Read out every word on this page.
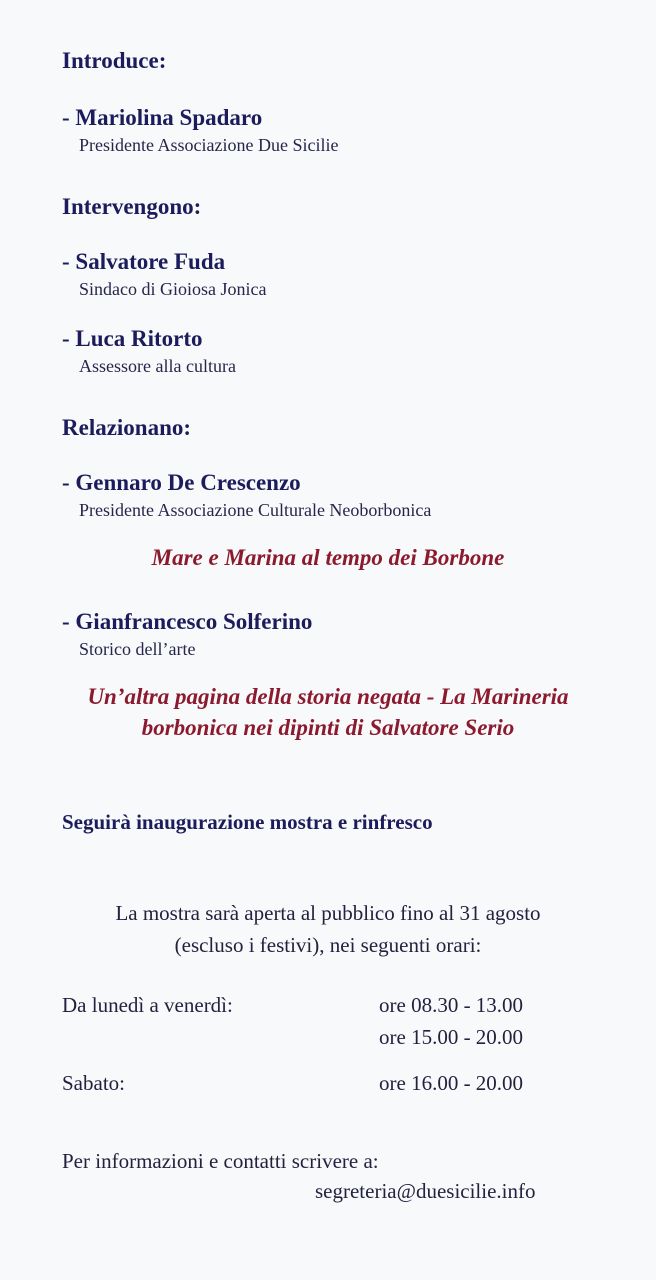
Introduce:
- Mariolina Spadaro
Presidente Associazione Due Sicilie
Intervengono:
- Salvatore Fuda
Sindaco di Gioiosa Jonica
- Luca Ritorto
Assessore alla cultura
Relazionano:
- Gennaro De Crescenzo
Presidente Associazione Culturale Neoborbonica
Mare e Marina al tempo dei Borbone
- Gianfrancesco Solferino
Storico dell’arte
Un’altra pagina della storia negata - La Marineria
borbonica nei dipinti di Salvatore Serio
Seguirà inaugurazione mostra e rinfresco
La mostra sarà aperta al pubblico fino al 31 agosto
(escluso i festivi), nei seguenti orari:
Da lunedì a venerdì:	ore 08.30 - 13.00
ore 15.00 - 20.00
Sabato:	ore 16.00 - 20.00
Per informazioni e contatti scrivere a:
segreteria@duesicilie.info
